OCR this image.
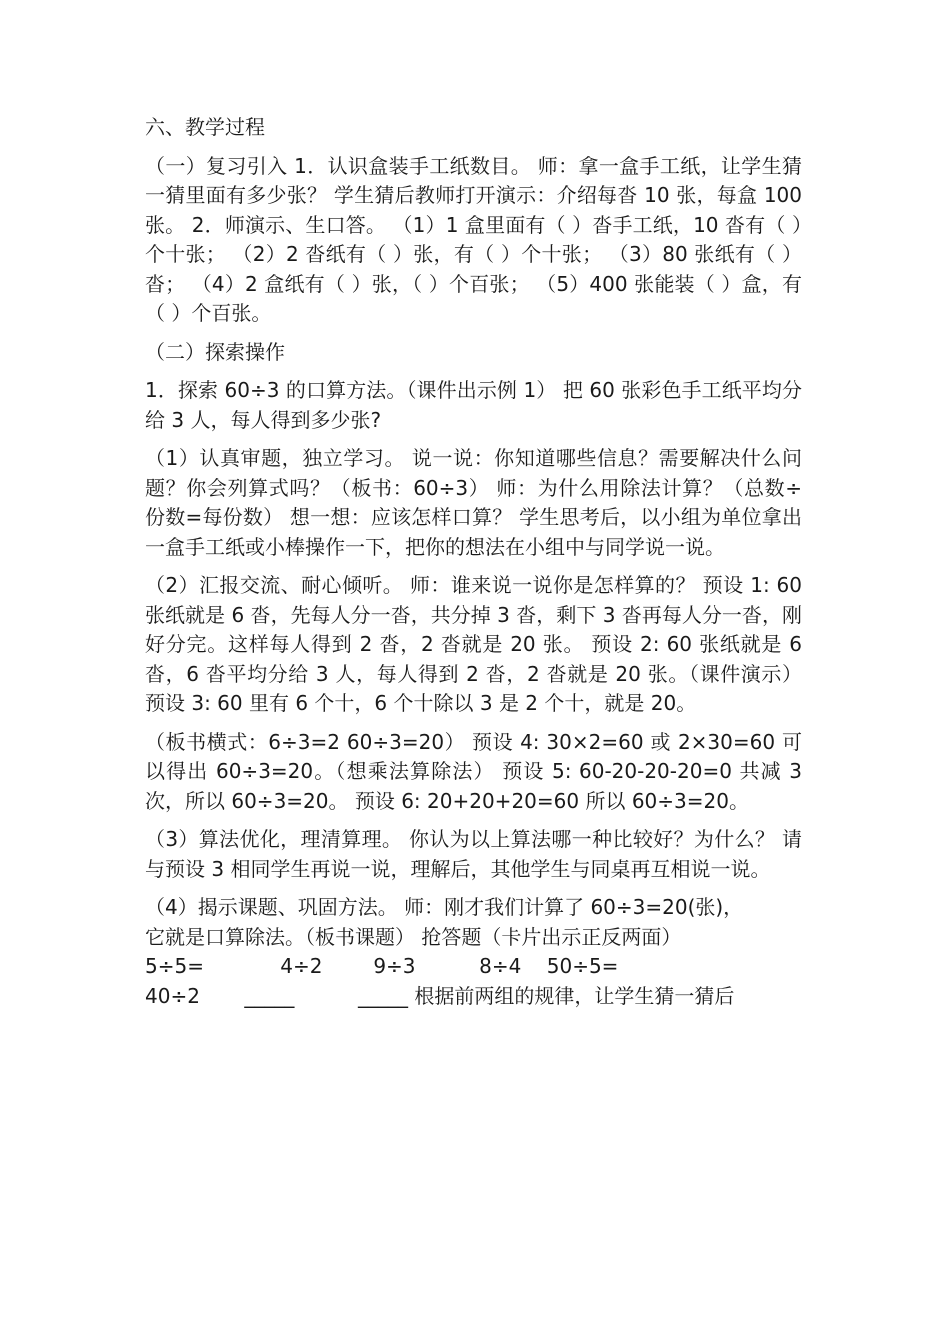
六、教学过程
（一）复习引入 1．认识盒装手工纸数目。 师：拿一盒手工纸，让学生猜一猜里面有多少张？ 学生猜后教师打开演示：介绍每沓 10 张，每盒 100 张。 2．师演示、生口答。 （1）1 盒里面有（ ）沓手工纸，10 沓有（ ）个十张； （2）2 沓纸有（ ）张，有（ ）个十张； （3）80 张纸有（ ）沓； （4）2 盒纸有（ ）张，（ ）个百张； （5）400 张能装（ ）盒，有（ ）个百张。
（二）探索操作
1．探索 60÷3 的口算方法。（课件出示例 1） 把 60 张彩色手工纸平均分给 3 人，每人得到多少张?
（1）认真审题，独立学习。 说一说：你知道哪些信息？需要解决什么问题？你会列算式吗？（板书：60÷3） 师：为什么用除法计算？（总数÷份数=每份数） 想一想：应该怎样口算？ 学生思考后，以小组为单位拿出一盒手工纸或小棒操作一下，把你的想法在小组中与同学说一说。
（2）汇报交流、耐心倾听。 师：谁来说一说你是怎样算的？ 预设 1: 60 张纸就是 6 沓，先每人分一沓，共分掉 3 沓，剩下 3 沓再每人分一沓，刚好分完。这样每人得到 2 沓，2 沓就是 20 张。 预设 2: 60 张纸就是 6 沓，6 沓平均分给 3 人，每人得到 2 沓，2 沓就是 20 张。（课件演示） 预设 3: 60 里有 6 个十，6 个十除以 3 是 2 个十，就是 20。
（板书横式：6÷3=2 60÷3=20） 预设 4: 30×2=60 或 2×30=60 可以得出 60÷3=20。（想乘法算除法） 预设 5: 60-20-20-20=0 共减 3 次，所以 60÷3=20。 预设 6: 20+20+20=60 所以 60÷3=20。
（3）算法优化，理清算理。 你认为以上算法哪一种比较好？为什么？ 请与预设 3 相同学生再说一说，理解后，其他学生与同桌再互相说一说。
（4）揭示课题、巩固方法。 师：刚才我们计算了 60÷3=20(张)，
它就是口算除法。（板书课题） 抢答题（卡片出示正反两面）
5÷5=            4÷2        9÷3          8÷4    50÷5=
40÷2       _____          _____ 根据前两组的规律，让学生猜一猜后
